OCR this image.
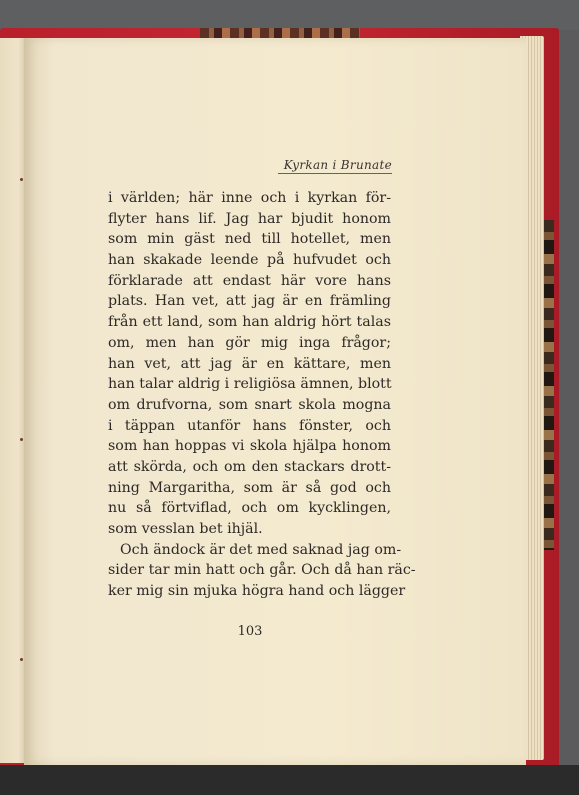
Kyrkan i Brunate
i världen; här inne och i kyrkan för-
flyter hans lif. Jag har bjudit honom
som min gäst ned till hotellet, men
han skakade leende på hufvudet och
förklarade att endast här vore hans
plats. Han vet, att jag är en främling
från ett land, som han aldrig hört talas
om, men han gör mig inga frågor;
han vet, att jag är en kättare, men
han talar aldrig i religiösa ämnen, blott
om drufvorna, som snart skola mogna
i täppan utanför hans fönster, och
som han hoppas vi skola hjälpa honom
att skörda, och om den stackars drott-
ning Margaritha, som är så god och
nu så förtviflad, och om kycklingen,
som vesslan bet ihjäl.
Och ändock är det med saknad jag om-
sider tar min hatt och går. Och då han räc-
ker mig sin mjuka högra hand och lägger
103
